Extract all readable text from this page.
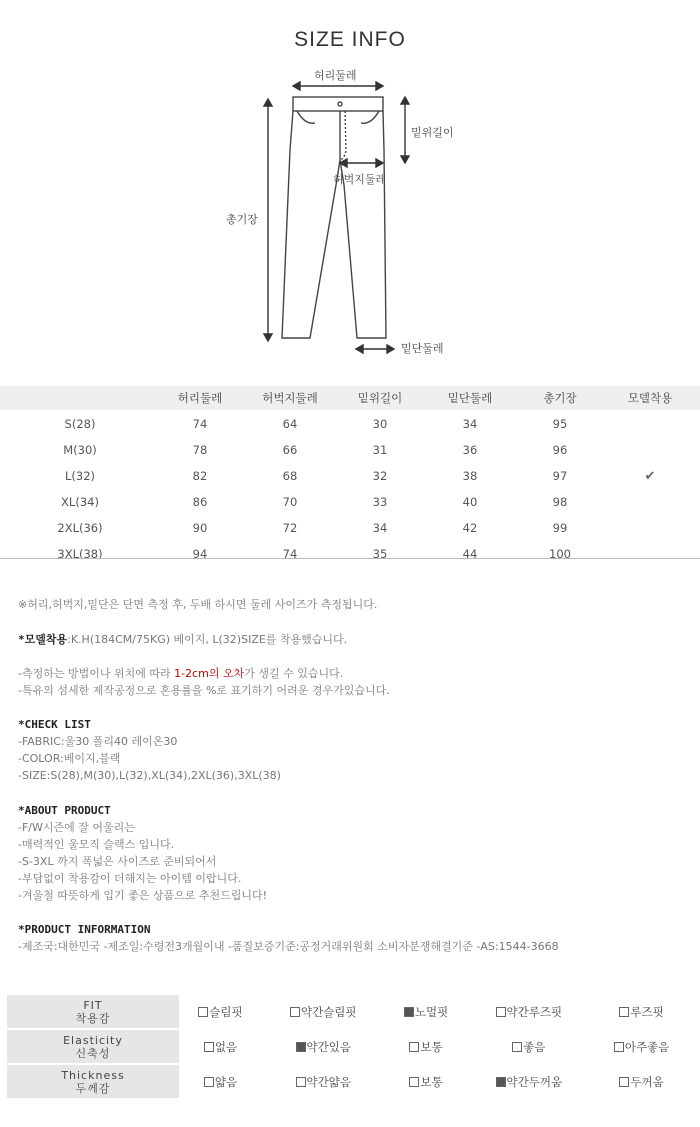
SIZE INFO
허리둘레
밑위길이
허벅지둘레
총기장
밑단둘레
	허리둘레	허벅지둘레	밑위길이	밑단둘레	총기장	모델착용
S(28)	74	64	30	34	95	
M(30)	78	66	31	36	96	
L(32)	82	68	32	38	97	✔
XL(34)	86	70	33	40	98	
2XL(36)	90	72	34	42	99	
3XL(38)	94	74	35	44	100	
※허리,허벅지,밑단은 단면 측정 후, 두배 하시면 둘레 사이즈가 측정됩니다.
*모델착용:K.H(184CM/75KG) 베이지, L(32)SIZE를 착용했습니다.
-측정하는 방법이나 위치에 따라 1-2cm의 오차가 생길 수 있습니다.
-특유의 섬세한 제작공정으로 혼용률을 %로 표기하기 어려운 경우가있습니다.
*CHECK LIST
-FABRIC:울30 폴리40 레이온30
-COLOR:베이지,블랙
-SIZE:S(28),M(30),L(32),XL(34),2XL(36),3XL(38)
*ABOUT PRODUCT
-F/W시즌에 잘 어울리는
-매력적인 울모직 슬랙스 입니다.
-S-3XL 까지 폭넓은 사이즈로 준비되어서
-부담없이 착용감이 더해지는 아이템 이랍니다.
-겨울철 따뜻하게 입기 좋은 상품으로 추천드립니다!
*PRODUCT INFORMATION
-제조국:대한민국 -제조일:수령전3개월이내 -품질보증기준:공정거래위원회 소비자분쟁해결기준 -AS:1544-3668
FIT
착용감	슬림핏	약간슬림핏	노멀핏	약간루즈핏	루즈핏
Elasticity
신축성	없음	약간있음	보통	좋음	아주좋음
Thickness
두께감	얇음	약간얇음	보통	약간두꺼움	두꺼움
